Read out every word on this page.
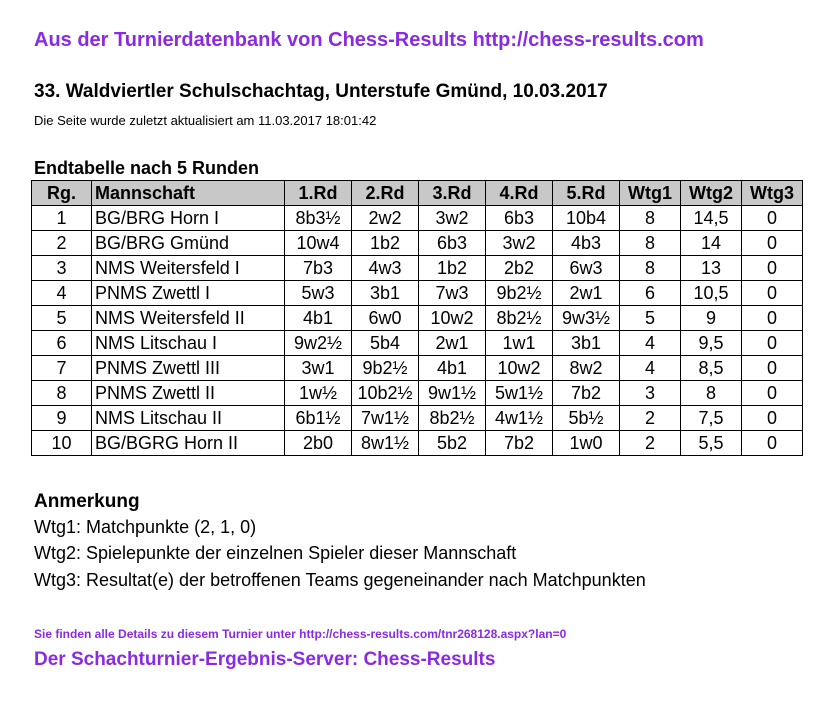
Aus der Turnierdatenbank von Chess-Results http://chess-results.com
33. Waldviertler Schulschachtag, Unterstufe Gmünd, 10.03.2017
Die Seite wurde zuletzt aktualisiert am 11.03.2017 18:01:42
Endtabelle nach 5 Runden
Rg.	Mannschaft	1.Rd	2.Rd	3.Rd	4.Rd	5.Rd	Wtg1	Wtg2	Wtg3
1	BG/BRG Horn I	8b3½	2w2	3w2	6b3	10b4	8	14,5	0
2	BG/BRG Gmünd	10w4	1b2	6b3	3w2	4b3	8	14	0
3	NMS Weitersfeld I	7b3	4w3	1b2	2b2	6w3	8	13	0
4	PNMS Zwettl I	5w3	3b1	7w3	9b2½	2w1	6	10,5	0
5	NMS Weitersfeld II	4b1	6w0	10w2	8b2½	9w3½	5	9	0
6	NMS Litschau I	9w2½	5b4	2w1	1w1	3b1	4	9,5	0
7	PNMS Zwettl III	3w1	9b2½	4b1	10w2	8w2	4	8,5	0
8	PNMS Zwettl II	1w½	10b2½	9w1½	5w1½	7b2	3	8	0
9	NMS Litschau II	6b1½	7w1½	8b2½	4w1½	5b½	2	7,5	0
10	BG/BGRG Horn II	2b0	8w1½	5b2	7b2	1w0	2	5,5	0
Anmerkung
Wtg1: Matchpunkte (2, 1, 0)
Wtg2: Spielepunkte der einzelnen Spieler dieser Mannschaft
Wtg3: Resultat(e) der betroffenen Teams gegeneinander nach Matchpunkten
Sie finden alle Details zu diesem Turnier unter http://chess-results.com/tnr268128.aspx?lan=0
Der Schachturnier-Ergebnis-Server: Chess-Results
